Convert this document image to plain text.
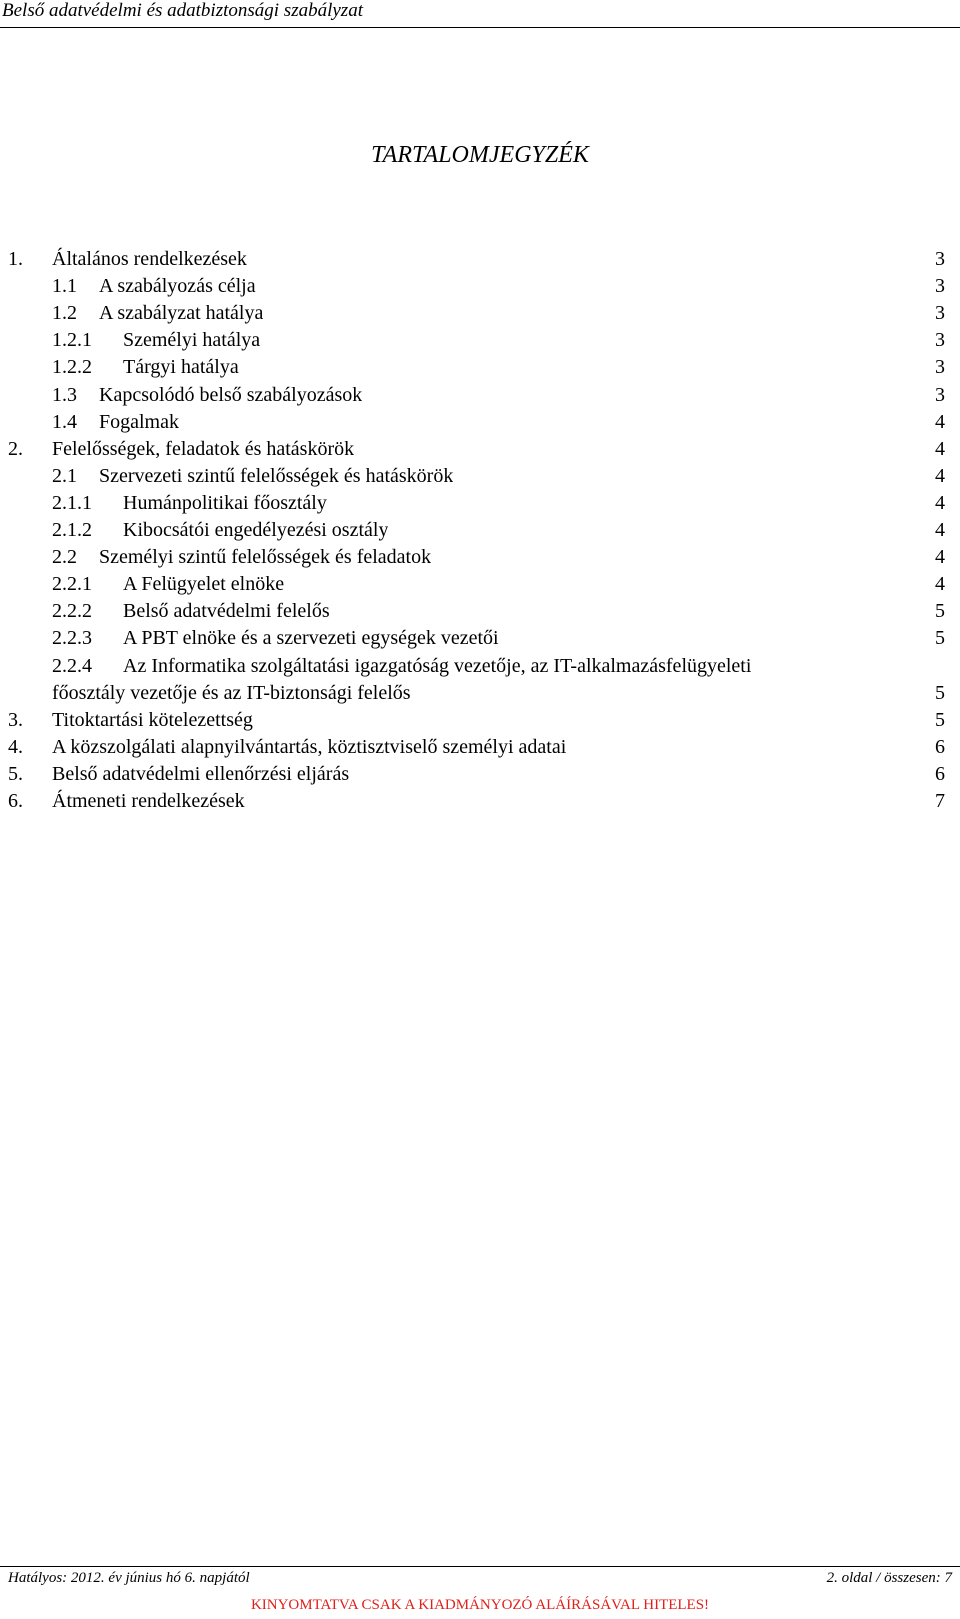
Belső adatvédelmi és adatbiztonsági szabályzat
TARTALOMJEGYZÉK
1.	Általános rendelkezések	3
1.1	A szabályozás célja	3
1.2	A szabályzat hatálya	3
1.2.1	Személyi hatálya	3
1.2.2	Tárgyi hatálya	3
1.3	Kapcsolódó belső szabályozások	3
1.4	Fogalmak	4
2.	Felelősségek, feladatok és hatáskörök	4
2.1	Szervezeti szintű felelősségek és hatáskörök	4
2.1.1	Humánpolitikai főosztály	4
2.1.2	Kibocsátói engedélyezési osztály	4
2.2	Személyi szintű felelősségek és feladatok	4
2.2.1	A Felügyelet elnöke	4
2.2.2	Belső adatvédelmi felelős	5
2.2.3	A PBT elnöke és a szervezeti egységek vezetői	5
2.2.4	Az Informatika szolgáltatási igazgatóság vezetője, az IT-alkalmazásfelügyeleti
főosztály vezetője és az IT-biztonsági felelős	5
3.	Titoktartási kötelezettség	5
4.	A közszolgálati alapnyilvántartás, köztisztviselő személyi adatai	6
5.	Belső adatvédelmi ellenőrzési eljárás	6
6.	Átmeneti rendelkezések	7
Hatályos: 2012. év június hó 6. napjától	2. oldal / összesen: 7
KINYOMTATVA CSAK A KIADMÁNYOZÓ ALÁÍRÁSÁVAL HITELES!
